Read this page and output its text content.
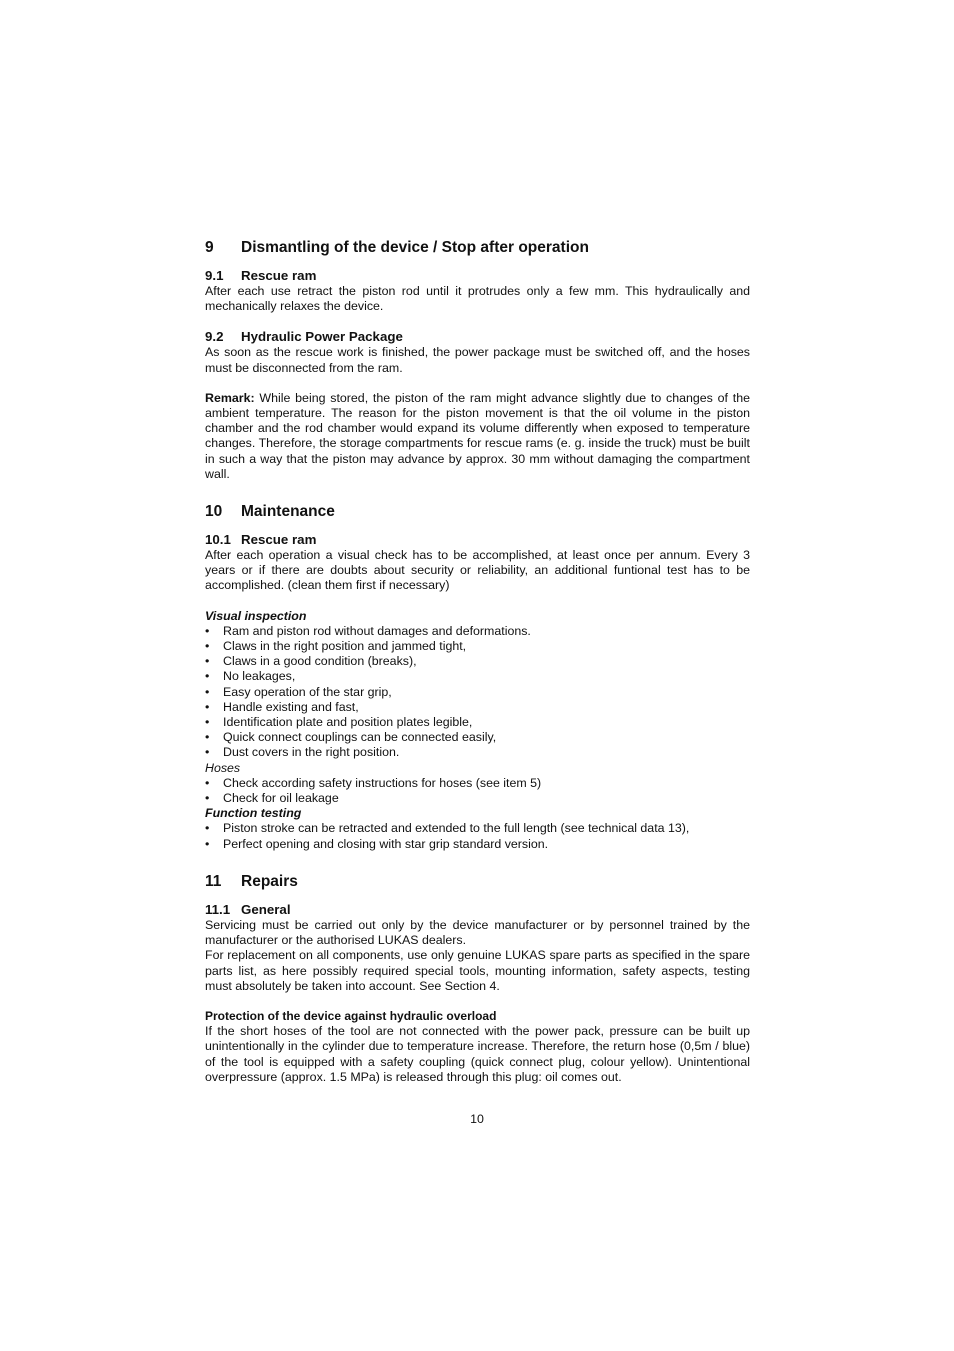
9 Dismantling of the device / Stop after operation
9.1 Rescue ram

After each use retract the piston rod until it protrudes only a few mm. This hydraulically and mechanically relaxes the device.

9.2 Hydraulic Power Package

As soon as the rescue work is finished, the power package must be switched off, and the hoses must be disconnected from the ram.

Remark: While being stored, the piston of the ram might advance slightly due to changes of the ambient temperature. The reason for the piston movement is that the oil volume in the piston chamber and the rod chamber would expand its volume differently when exposed to temperature changes. Therefore, the storage compartments for rescue rams (e. g. inside the truck) must be built in such a way that the piston may advance by approx. 30 mm without damaging the compartment wall.

10 Maintenance
10.1 Rescue ram

After each operation a visual check has to be accomplished, at least once per annum. Every 3 years or if there are doubts about security or reliability, an additional funtional test has to be accomplished. (clean them first if necessary)

Visual inspection
• Ram and piston rod without damages and deformations.
• Claws in the right position and jammed tight,
• Claws in a good condition (breaks),
• No leakages,
• Easy operation of the star grip,
• Handle existing and fast,
• Identification plate and position plates legible,
• Quick connect couplings can be connected easily,
• Dust covers in the right position.
Hoses
• Check according safety instructions for hoses (see item 5)
• Check for oil leakage
Function testing
• Piston stroke can be retracted and extended to the full length (see technical data 13),
• Perfect opening and closing with star grip standard version.
11 Repairs
11.1 General

Servicing must be carried out only by the device manufacturer or by personnel trained by the manufacturer or the authorised LUKAS dealers.

For replacement on all components, use only genuine LUKAS spare parts as specified in the spare parts list, as here possibly required special tools, mounting information, safety aspects, testing must absolutely be taken into account. See Section 4.

Protection of the device against hydraulic overload

If the short hoses of the tool are not connected with the power pack, pressure can be built up unintentionally in the cylinder due to temperature increase. Therefore, the return hose (0,5m / blue) of the tool is equipped with a safety coupling (quick connect plug, colour yellow). Unintentional overpressure (approx. 1.5 MPa) is released through this plug: oil comes out.

10
